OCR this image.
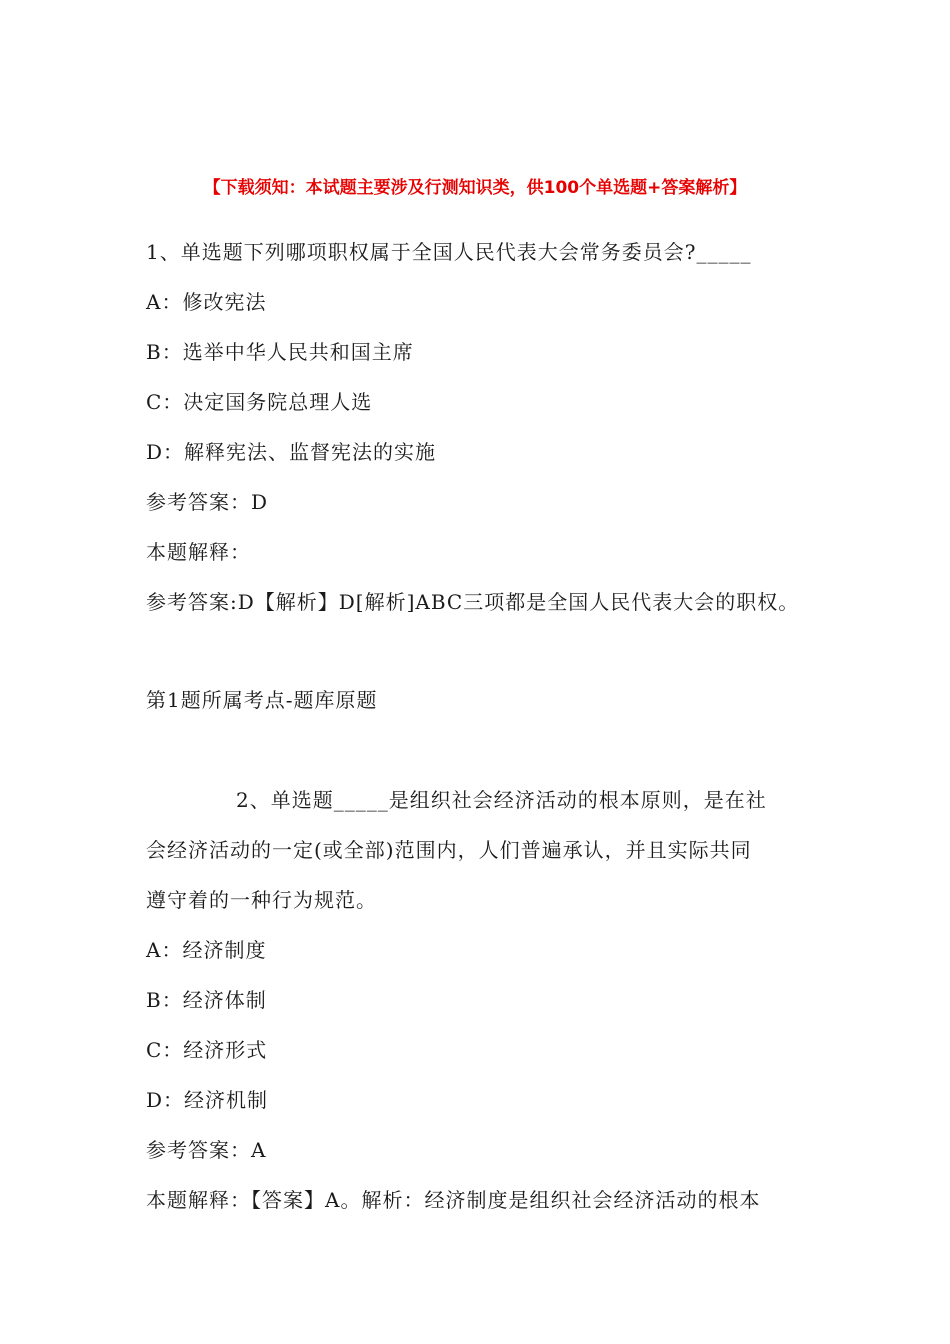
【下载须知：本试题主要涉及行测知识类，供100个单选题+答案解析】
1、单选题下列哪项职权属于全国人民代表大会常务委员会?_____
A：修改宪法
B：选举中华人民共和国主席
C：决定国务院总理人选
D：解释宪法、监督宪法的实施
参考答案：D
本题解释：
参考答案:D【解析】D[解析]ABC三项都是全国人民代表大会的职权。
第1题所属考点-题库原题
2、单选题_____是组织社会经济活动的根本原则，是在社
会经济活动的一定(或全部)范围内，人们普遍承认，并且实际共同
遵守着的一种行为规范。
A：经济制度
B：经济体制
C：经济形式
D：经济机制
参考答案：A
本题解释：【答案】A。解析：经济制度是组织社会经济活动的根本
